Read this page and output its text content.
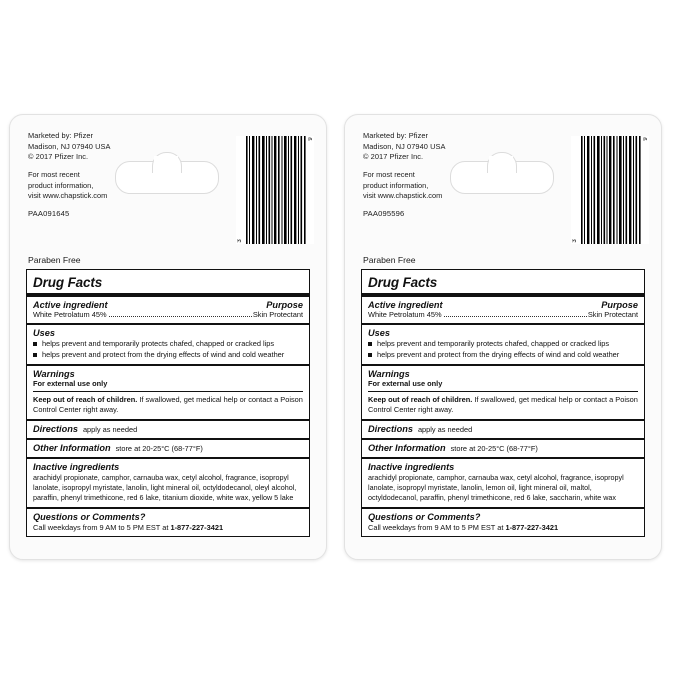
Marketed by: Pfizer
Madison, NJ 07940 USA
© 2017 Pfizer Inc.
For most recent
product information,
visit www.chapstick.com
PAA091645
3
9
Paraben Free
Drug Facts
Active ingredient	Purpose
White Petrolatum 45%	Skin Protectant
Uses
helps prevent and temporarily protects chafed, chapped or cracked lips
helps prevent and protect from the drying effects of wind and cold weather
Warnings
For external use only
Keep out of reach of children. If swallowed, get medical help or contact a Poison Control Center right away.
Directions apply as needed
Other Information store at 20-25°C (68-77°F)
Inactive ingredients
arachidyl propionate, camphor, carnauba wax, cetyl alcohol, fragrance, isopropyl lanolate, isopropyl myristate, lanolin, light mineral oil, octyldodecanol, oleyl alcohol, paraffin, phenyl trimethicone, red 6 lake, titanium dioxide, white wax, yellow 5 lake
Questions or Comments?
Call weekdays from 9 AM to 5 PM EST at 1-877-227-3421
Marketed by: Pfizer
Madison, NJ 07940 USA
© 2017 Pfizer Inc.
For most recent
product information,
visit www.chapstick.com
PAA095596
3
9
Paraben Free
Drug Facts
Active ingredient	Purpose
White Petrolatum 45%	Skin Protectant
Uses
helps prevent and temporarily protects chafed, chapped or cracked lips
helps prevent and protect from the drying effects of wind and cold weather
Warnings
For external use only
Keep out of reach of children. If swallowed, get medical help or contact a Poison Control Center right away.
Directions apply as needed
Other Information store at 20-25°C (68-77°F)
Inactive ingredients
arachidyl propionate, camphor, carnauba wax, cetyl alcohol, fragrance, isopropyl lanolate, isopropyl myristate, lanolin, lemon oil, light mineral oil, maltol, octyldodecanol, paraffin, phenyl trimethicone, red 6 lake, saccharin, white wax
Questions or Comments?
Call weekdays from 9 AM to 5 PM EST at 1-877-227-3421
